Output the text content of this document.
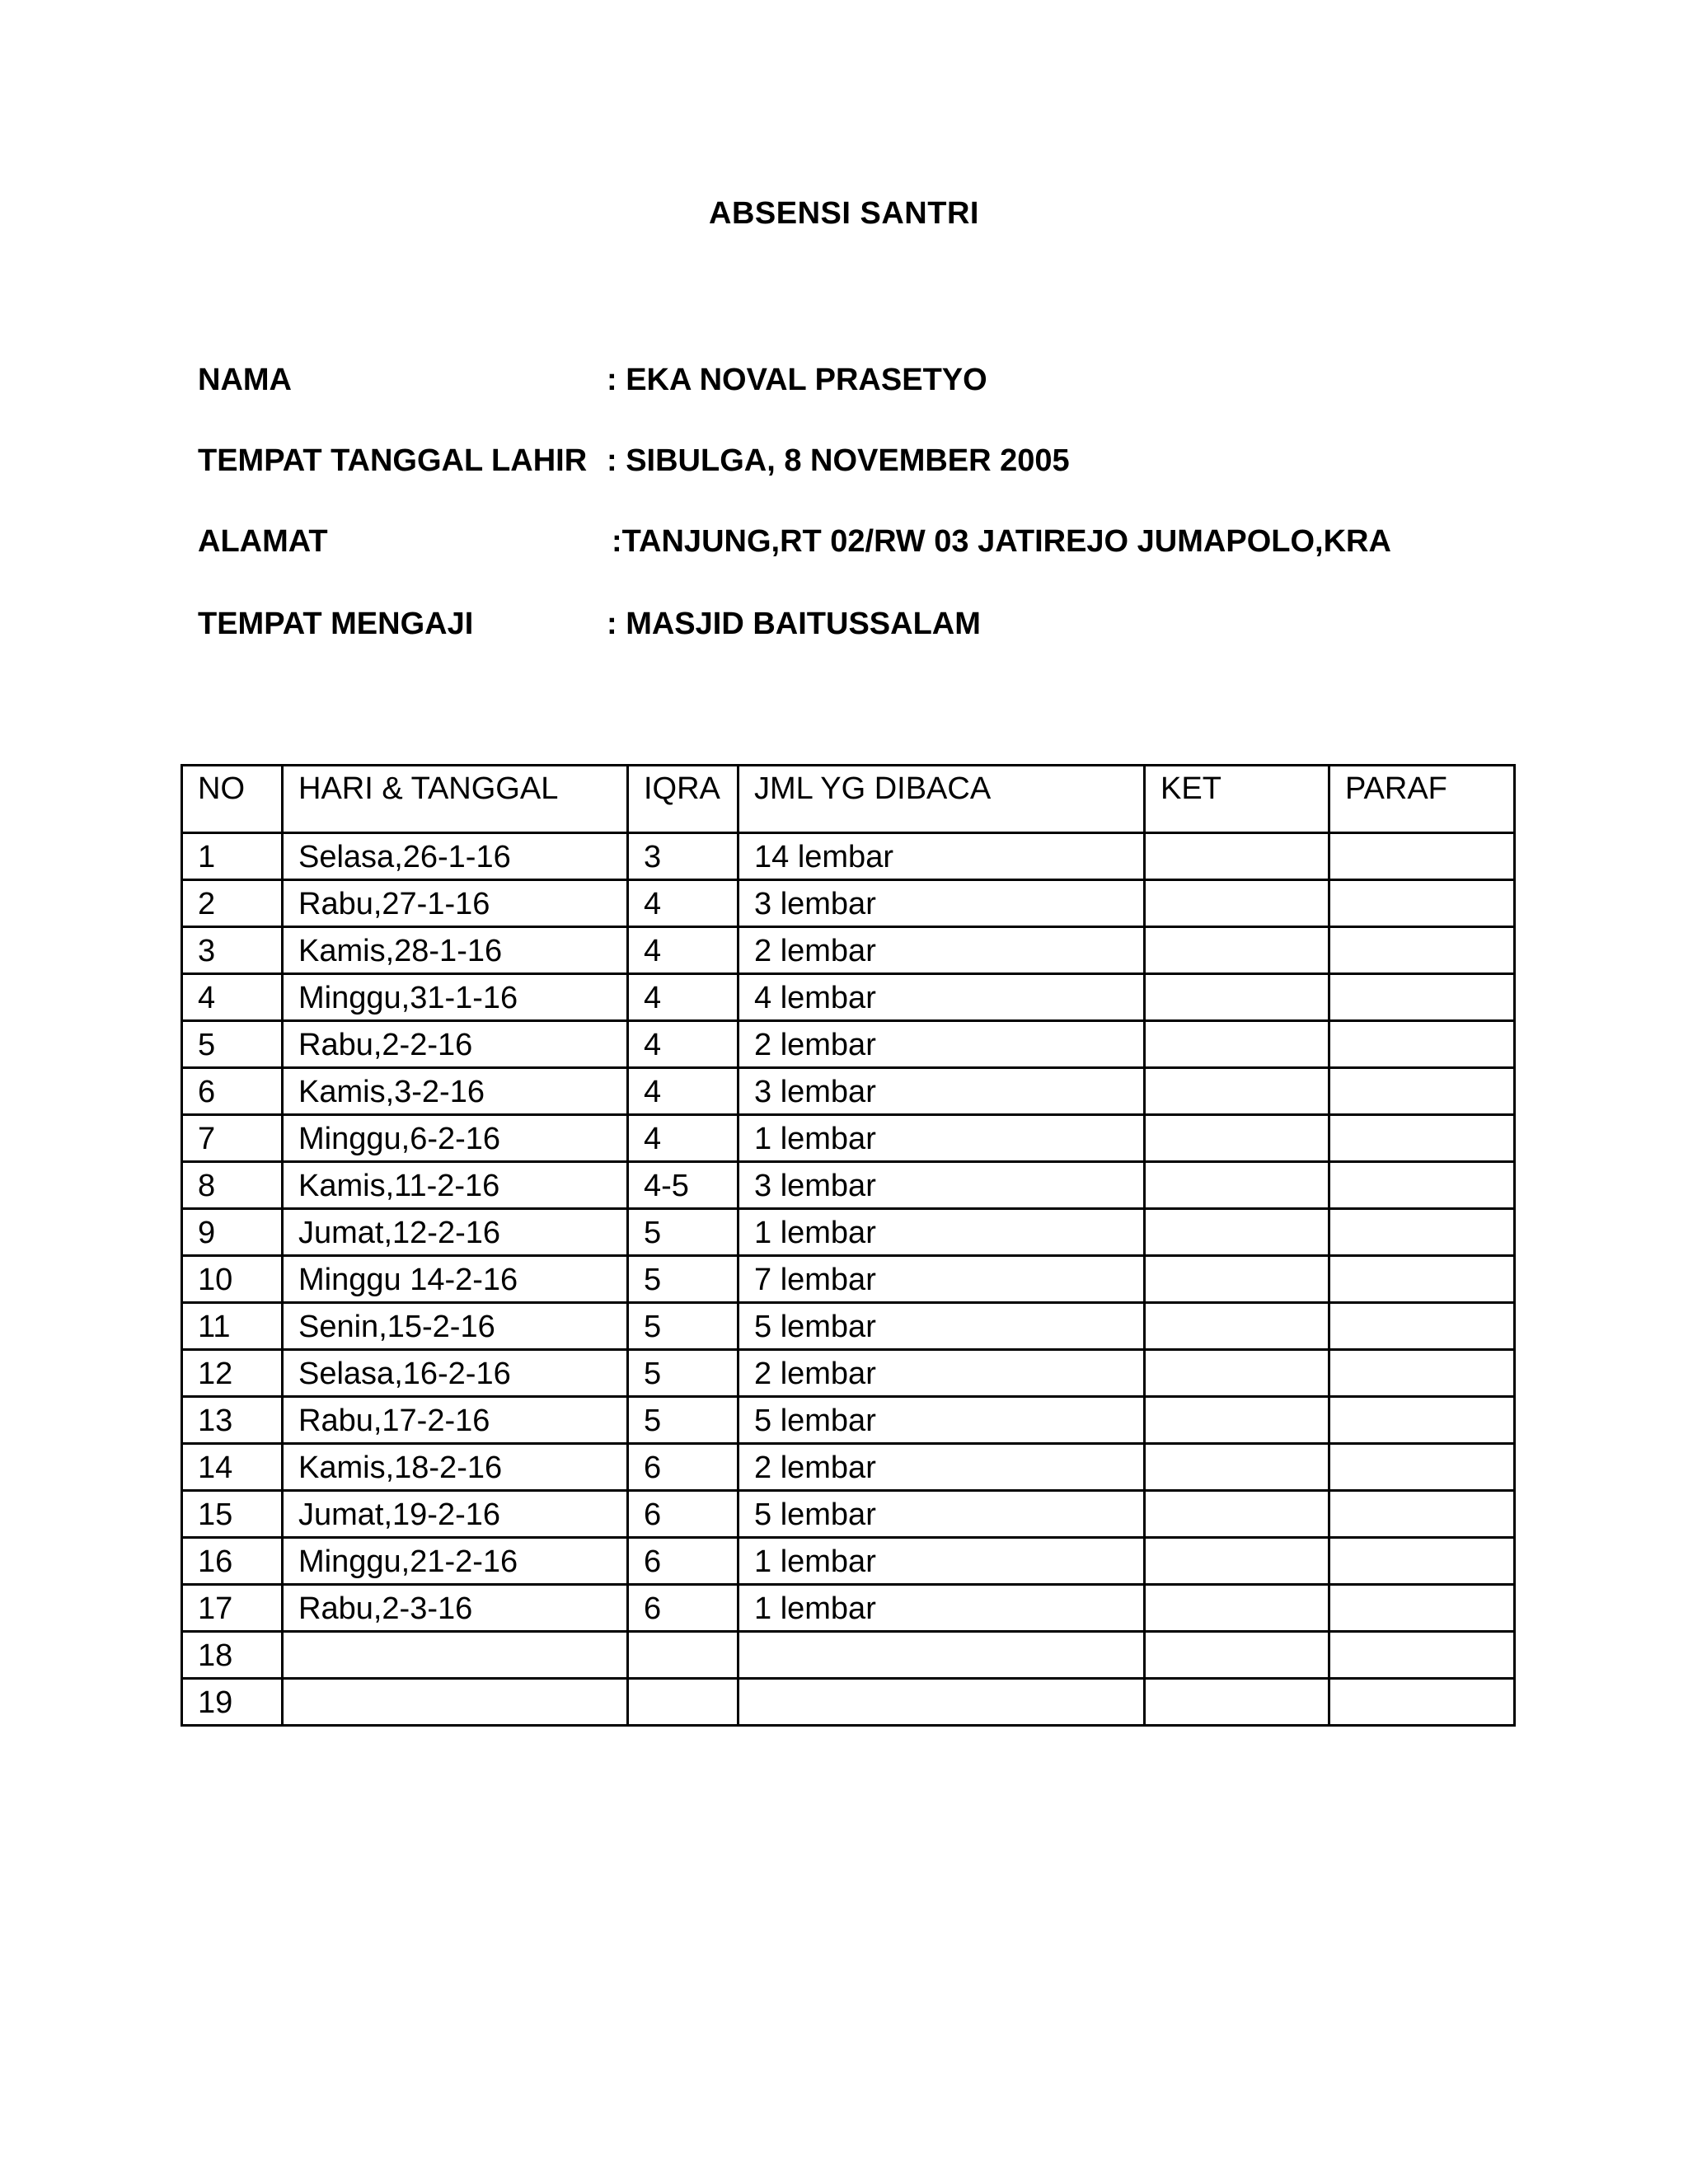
ABSENSI SANTRI
NAMA	: EKA NOVAL PRASETYO
TEMPAT TANGGAL LAHIR : SIBULGA, 8 NOVEMBER 2005
ALAMAT	:TANJUNG,RT 02/RW 03 JATIREJO JUMAPOLO,KRA
TEMPAT MENGAJI	: MASJID BAITUSSALAM
NO	HARI & TANGGAL	IQRA	JML YG DIBACA	KET	PARAF
1	Selasa,26-1-16	3	14 lembar		
2	Rabu,27-1-16	4	3 lembar		
3	Kamis,28-1-16	4	2 lembar		
4	Minggu,31-1-16	4	4 lembar		
5	Rabu,2-2-16	4	2 lembar		
6	Kamis,3-2-16	4	3 lembar		
7	Minggu,6-2-16	4	1 lembar		
8	Kamis,11-2-16	4-5	3 lembar		
9	Jumat,12-2-16	5	1 lembar		
10	Minggu 14-2-16	5	7 lembar		
11	Senin,15-2-16	5	5 lembar		
12	Selasa,16-2-16	5	2 lembar		
13	Rabu,17-2-16	5	5 lembar		
14	Kamis,18-2-16	6	2 lembar		
15	Jumat,19-2-16	6	5 lembar		
16	Minggu,21-2-16	6	1 lembar		
17	Rabu,2-3-16	6	1 lembar		
18					
19					
